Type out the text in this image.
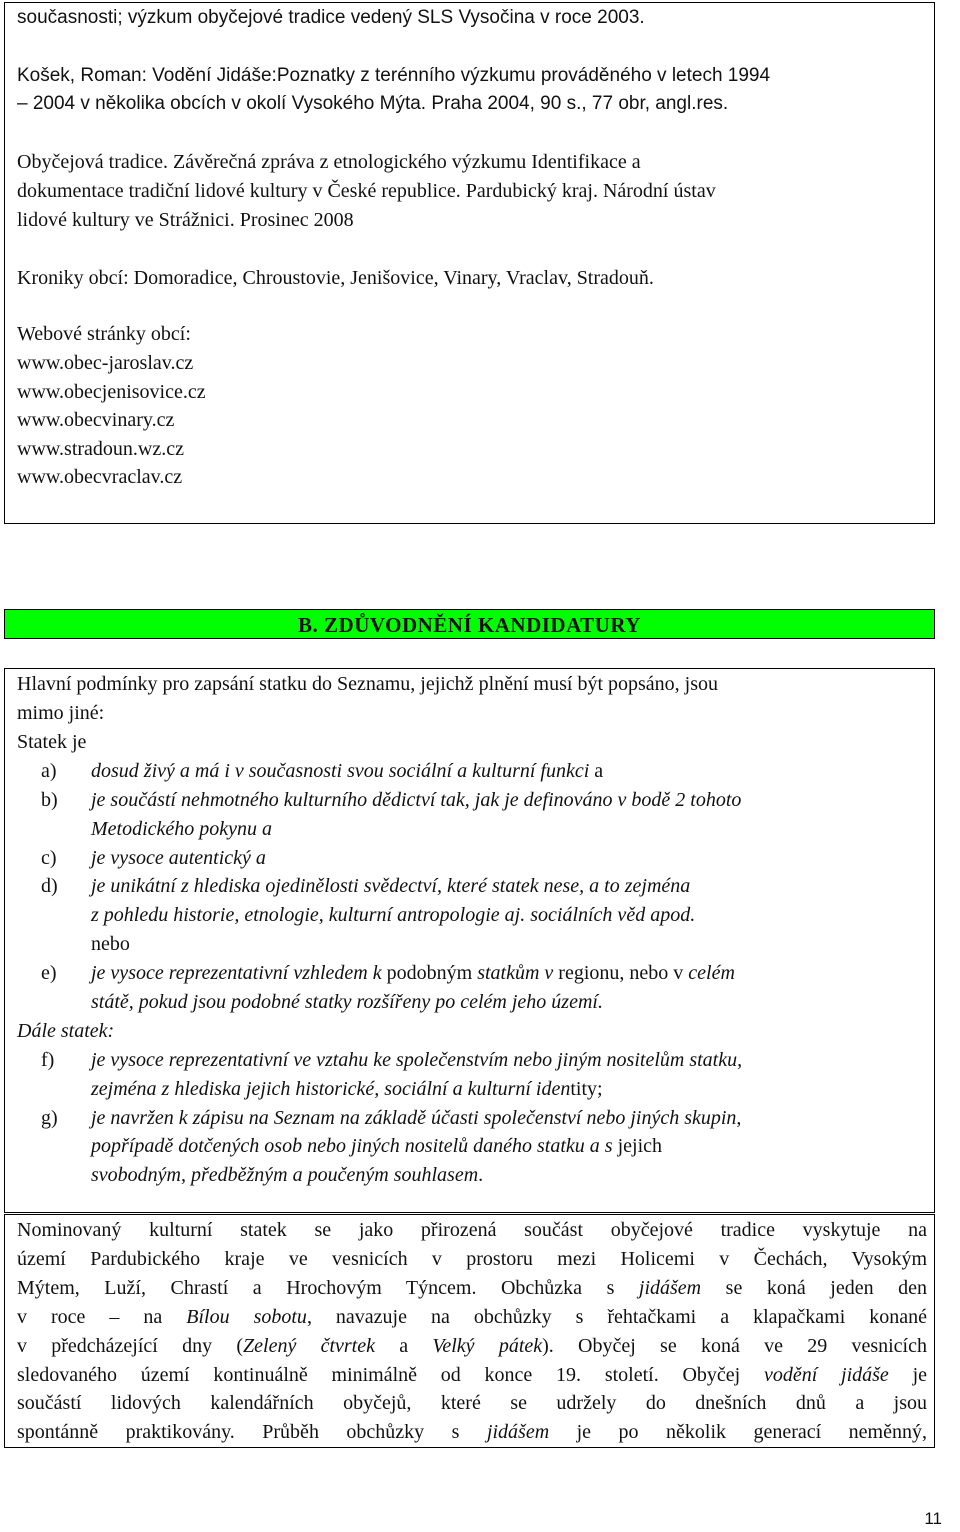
současnosti; výzkum obyčejové tradice vedený SLS Vysočina v roce 2003.
Košek, Roman: Vodění Jidáše:Poznatky z terénního výzkumu prováděného v letech 1994
– 2004 v několika obcích v okolí Vysokého Mýta. Praha 2004, 90 s., 77 obr, angl.res.
Obyčejová tradice. Závěrečná zpráva z etnologického výzkumu Identifikace a
dokumentace tradiční lidové kultury v České republice. Pardubický kraj. Národní ústav
lidové kultury ve Strážnici. Prosinec 2008
Kroniky obcí: Domoradice, Chroustovie, Jenišovice, Vinary, Vraclav, Stradouň.
Webové stránky obcí:
www.obec-jaroslav.cz
www.obecjenisovice.cz
www.obecvinary.cz
www.stradoun.wz.cz
www.obecvraclav.cz
B. ZDŮVODNĚNÍ KANDIDATURY
Hlavní podmínky pro zapsání statku do Seznamu, jejichž plnění musí být popsáno, jsou
mimo jiné:
Statek je
a) dosud živý a má i v současnosti svou sociální a kulturní funkci a
b) je součástí nehmotného kulturního dědictví tak, jak je definováno v bodě 2 tohoto
Metodického pokynu a
c) je vysoce autentický a
d) je unikátní z hlediska ojedinělosti svědectví, které statek nese, a to zejména
z pohledu historie, etnologie, kulturní antropologie aj. sociálních věd apod.
nebo
e) je vysoce reprezentativní vzhledem k podobným statkům v regionu, nebo v celém
státě, pokud jsou podobné statky rozšířeny po celém jeho území.
Dále statek:
f) je vysoce reprezentativní ve vztahu ke společenstvím nebo jiným nositelům statku,
zejména z hlediska jejich historické, sociální a kulturní identity;
g) je navržen k zápisu na Seznam na základě účasti společenství nebo jiných skupin,
popřípadě dotčených osob nebo jiných nositelů daného statku a s jejich
svobodným, předběžným a poučeným souhlasem.
Nominovaný kulturní statek se jako přirozená součást obyčejové tradice vyskytuje na
území Pardubického kraje ve vesnicích v prostoru mezi Holicemi v Čechách, Vysokým
Mýtem, Luží, Chrastí a Hrochovým Týncem. Obchůzka s jidášem se koná jeden den
v roce – na Bílou sobotu, navazuje na obchůzky s řehtačkami a klapačkami konané
v předcházející dny (Zelený čtvrtek a Velký pátek). Obyčej se koná ve 29 vesnicích
sledovaného území kontinuálně minimálně od konce 19. století. Obyčej vodění jidáše je
součástí lidových kalendářních obyčejů, které se udržely do dnešních dnů a jsou
spontánně praktikovány. Průběh obchůzky s jidášem je po několik generací neměnný,
11
